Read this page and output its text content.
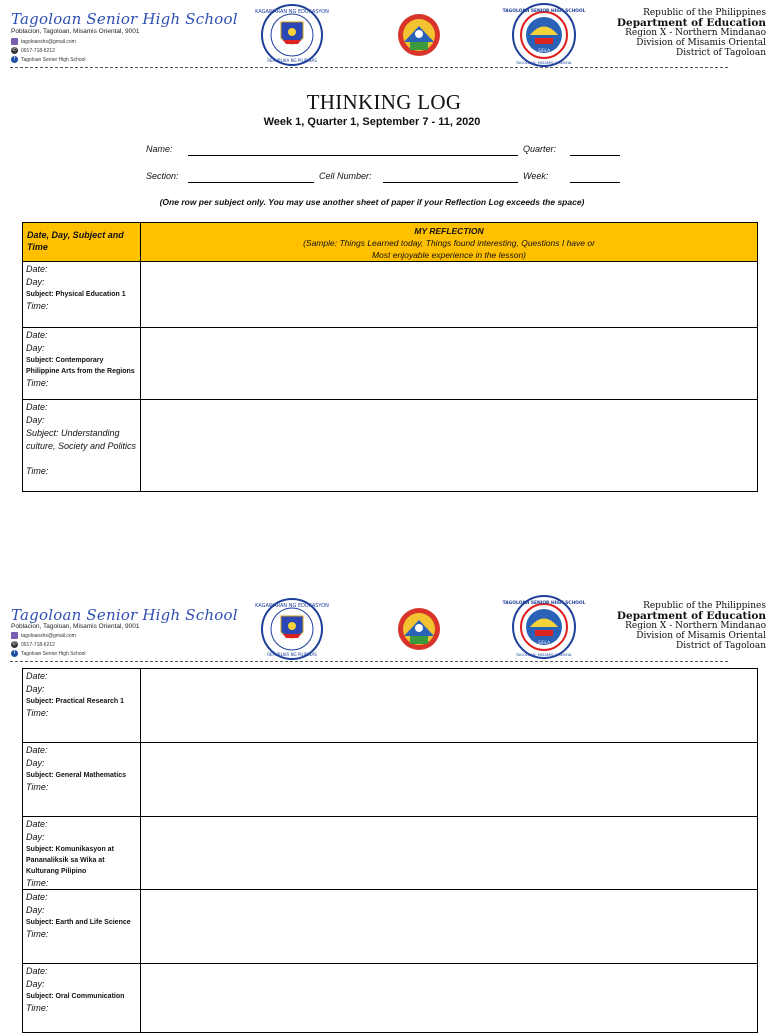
Tagoloan Senior High School
Poblacion, Tagoloan, Misamis Oriental, 9001
tagoloanshs@gmail.com
✆ 0917-718-6212
f	Tagoloan Senior High School
KAGAWARAN NG EDUKASYON
REPUBLIKA NG PILIPINAS
TAGOLOAN SENIOR HIGH SCHOOL
TAGOLOAN, MISAMIS ORIENTAL
SIGLA
Republic of the Philippines
Department of Education
Region X - Northern Mindanao
Division of Misamis Oriental
District of Tagoloan
THINKING LOG
Week 1, Quarter 1, September 7 - 11, 2020
Name:	Quarter:
Section:	Cell Number:	Week:
(One row per subject only. You may use another sheet of paper if your Reflection Log exceeds the space)
Date, Day, Subject and Time
MY REFLECTION
(Sample: Things Learned today, Things found interesting, Questions I have or
Most enjoyable experience in the lesson)
Date:
Day:
Subject: Physical Education 1
Time:
Date:
Day:
Subject: Contemporary Philippine Arts from the Regions
Time:
Date:
Day:
Subject: Understanding culture, Society and Politics
Time:
Tagoloan Senior High School
Poblacion, Tagoloan, Misamis Oriental, 9001
tagoloanshs@gmail.com
✆ 0917-718-6212
f	Tagoloan Senior High School
KAGAWARAN NG EDUKASYON
REPUBLIKA NG PILIPINAS
TAGOLOAN SENIOR HIGH SCHOOL
TAGOLOAN, MISAMIS ORIENTAL
SIGLA
Republic of the Philippines
Department of Education
Region X - Northern Mindanao
Division of Misamis Oriental
District of Tagoloan
Date:
Day:
Subject: Practical Research 1
Time:
Date:
Day:
Subject: General Mathematics
Time:
Date:
Day:
Subject: Komunikasyon at Pananaliksik sa Wika at Kulturang Pilipino
Time:
Date:
Day:
Subject: Earth and Life Science
Time:
Date:
Day:
Subject: Oral Communication
Time:
